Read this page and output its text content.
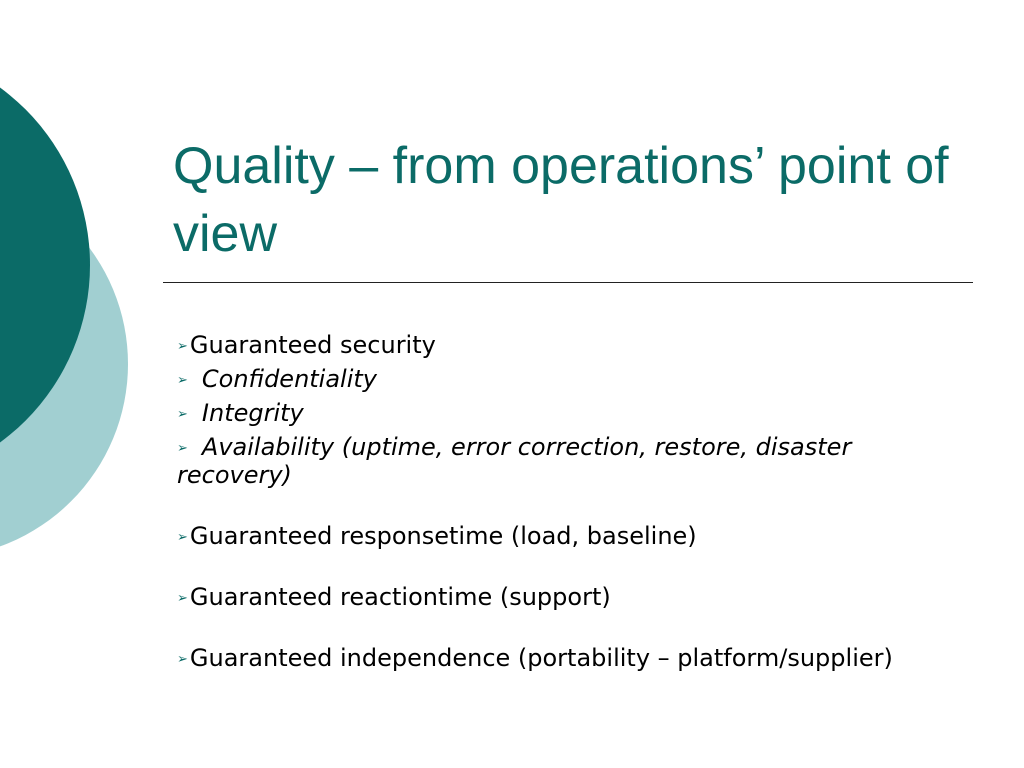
Quality – from operations’ point of view
➢Guaranteed security
➢ Confidentiality
➢ Integrity
➢ Availability (uptime, error correction, restore, disaster recovery)
➢Guaranteed responsetime (load, baseline)
➢Guaranteed reactiontime (support)
➢Guaranteed independence (portability – platform/supplier)
